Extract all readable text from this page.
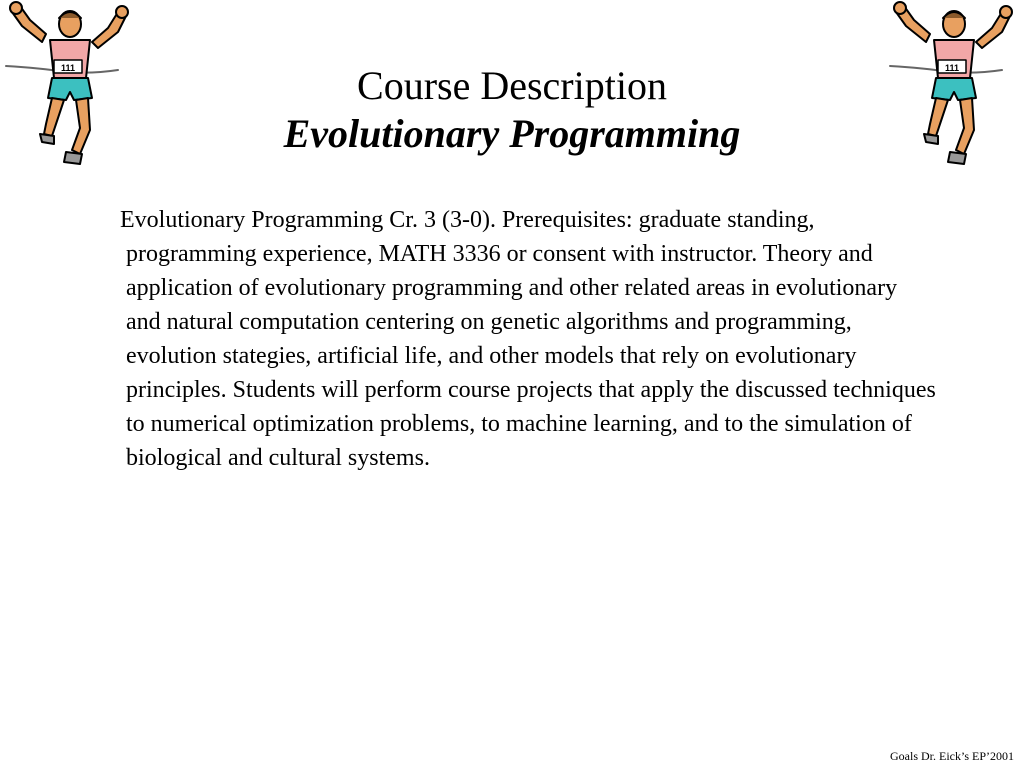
111	111
Course Description
Evolutionary Programming

Evolutionary Programming Cr. 3 (3-0). Prerequisites: graduate standing, programming experience, MATH 3336 or consent with instructor. Theory and application of evolutionary programming and other related areas in evolutionary and natural computation centering on genetic algorithms and programming, evolution stategies, artificial life, and other models that rely on evolutionary principles. Students will perform course projects that apply the discussed techniques to numerical optimization problems, to machine learning, and to the simulation of biological and cultural systems.

Goals Dr. Eick’s EP’2001
